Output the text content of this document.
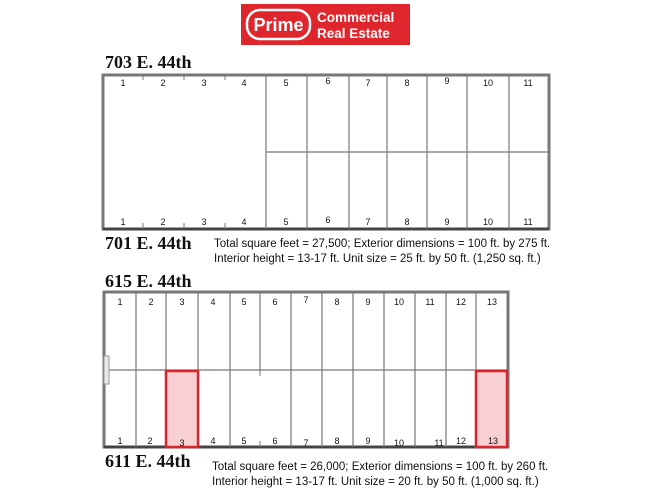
Prime Commercial
Real Estate
703 E. 44th
701 E. 44th Total square feet = 27,500; Exterior dimensions = 100 ft. by 275 ft.
Interior height = 13-17 ft. Unit size = 25 ft. by 50 ft. (1,250 sq. ft.)
615 E. 44th
611 E. 44th Total square feet = 26,000; Exterior dimensions = 100 ft. by 260 ft.
Interior height = 13-17 ft. Unit size = 20 ft. by 50 ft. (1,000 sq. ft.)
1	2	3	4	5	6	7	8	9	10	11
1	2	3	4	5	6	7	8	9	10	11
1	2	3	4	5	6	7	8	9	10 11 12 13
1	2	3	4	5	6	7	8	9	10	11 12 13
